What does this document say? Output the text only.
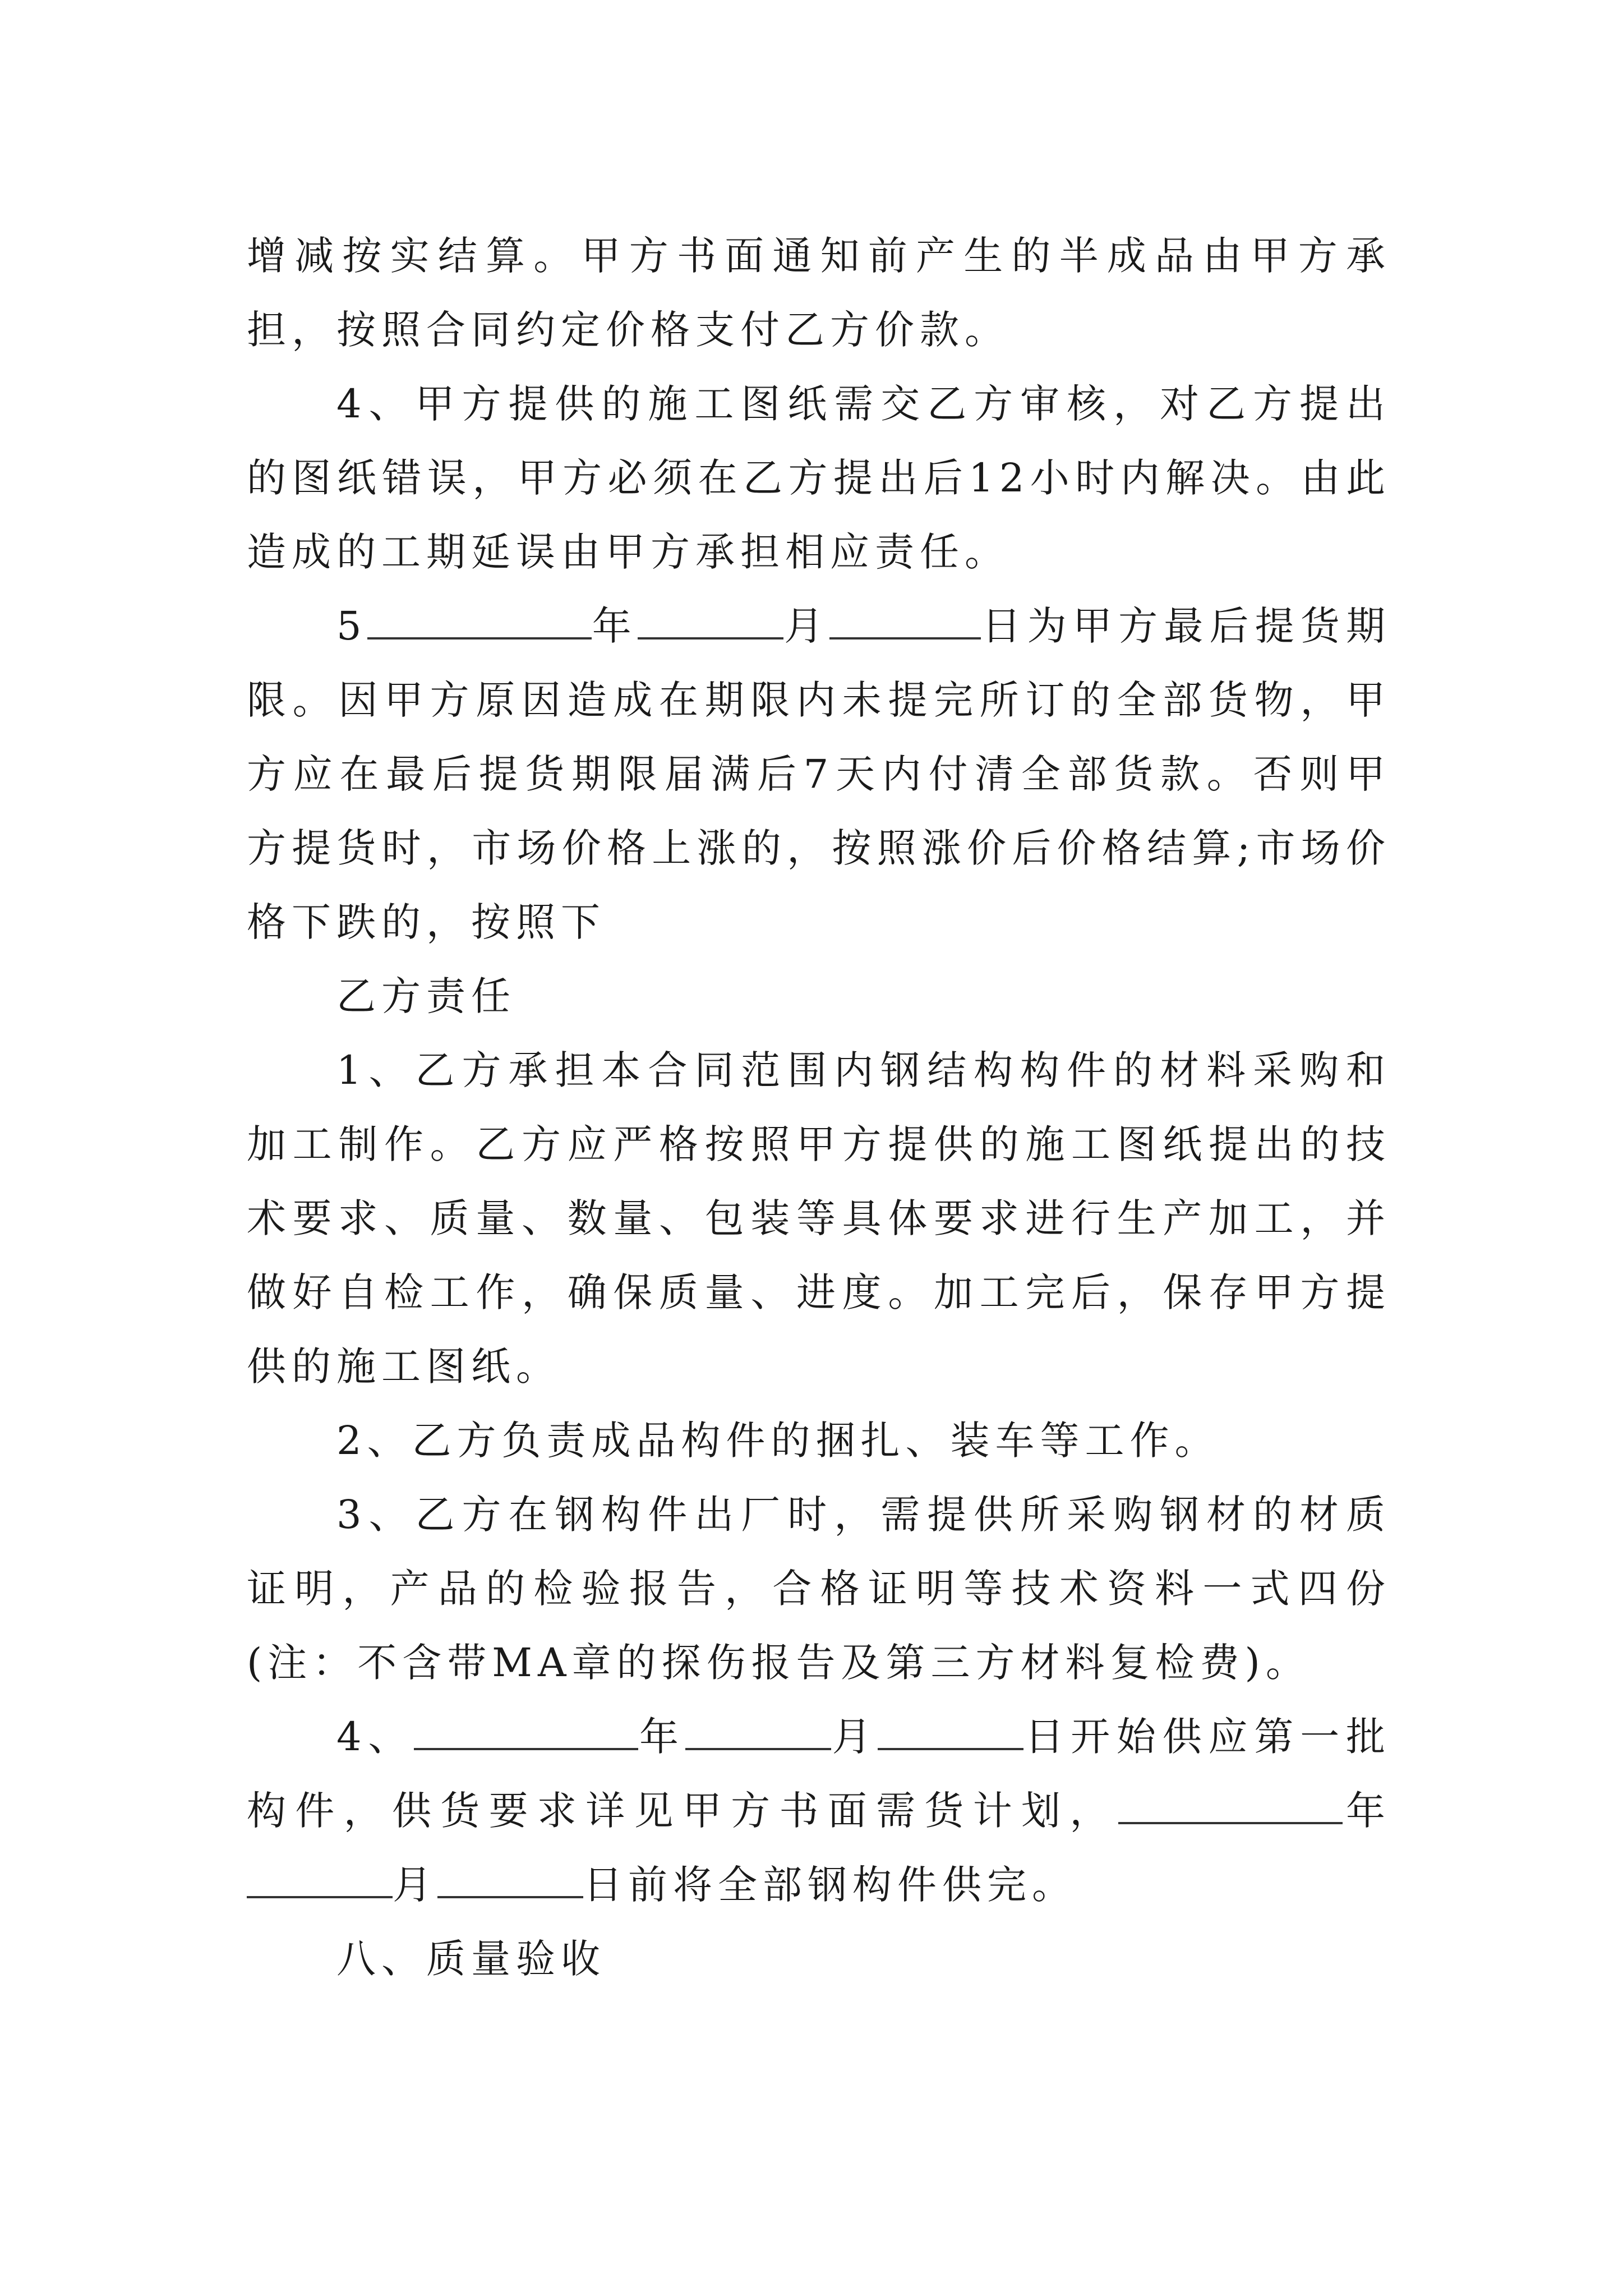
增减按实结算。甲方书面通知前产生的半成品由甲方承担，按照合同约定价格支付乙方价款。

4、甲方提供的施工图纸需交乙方审核，对乙方提出的图纸错误，甲方必须在乙方提出后12小时内解决。由此造成的工期延误由甲方承担相应责任。

5	年	月	日为甲方最后提货期限。因甲方原因造成在期限内未提完所订的全部货物，甲方应在最后提货期限届满后7天内付清全部货款。否则甲方提货时，市场价格上涨的，按照涨价后价格结算;市场价格下跌的，按照下

乙方责任

1、乙方承担本合同范围内钢结构构件的材料采购和加工制作。乙方应严格按照甲方提供的施工图纸提出的技术要求、质量、数量、包装等具体要求进行生产加工，并做好自检工作，确保质量、进度。加工完后，保存甲方提供的施工图纸。

2、乙方负责成品构件的捆扎、装车等工作。

3、乙方在钢构件出厂时，需提供所采购钢材的材质证明，产品的检验报告，合格证明等技术资料一式四份(注：不含带MA章的探伤报告及第三方材料复检费)。

4、	年	月	日开始供应第一批构件，供货要求详见甲方书面需货计划，	年月	日前将全部钢构件供完。

八、质量验收
